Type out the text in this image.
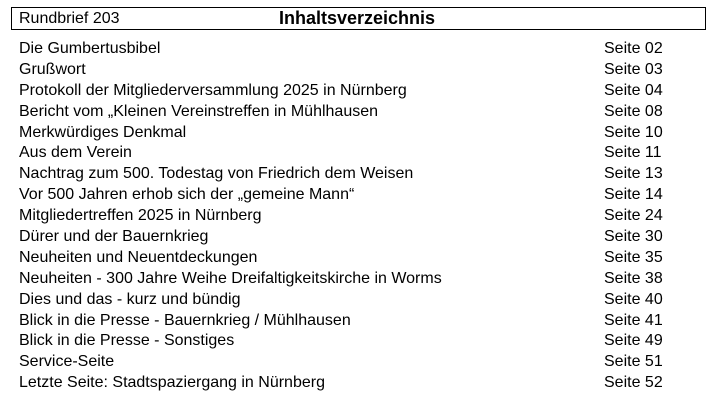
Rundbrief 203	Inhaltsverzeichnis
Die Gumbertusbibel	Seite 02
Grußwort	Seite 03
Protokoll der Mitgliederversammlung 2025 in Nürnberg	Seite 04
Bericht vom „Kleinen Vereinstreffen in Mühlhausen	Seite 08
Merkwürdiges Denkmal	Seite 10
Aus dem Verein	Seite 11
Nachtrag zum 500. Todestag von Friedrich dem Weisen	Seite 13
Vor 500 Jahren erhob sich der „gemeine Mann“	Seite 14
Mitgliedertreffen 2025 in Nürnberg	Seite 24
Dürer und der Bauernkrieg	Seite 30
Neuheiten und Neuentdeckungen	Seite 35
Neuheiten - 300 Jahre Weihe Dreifaltigkeitskirche in Worms	Seite 38
Dies und das - kurz und bündig	Seite 40
Blick in die Presse - Bauernkrieg / Mühlhausen	Seite 41
Blick in die Presse - Sonstiges	Seite 49
Service-Seite	Seite 51
Letzte Seite: Stadtspaziergang in Nürnberg	Seite 52
